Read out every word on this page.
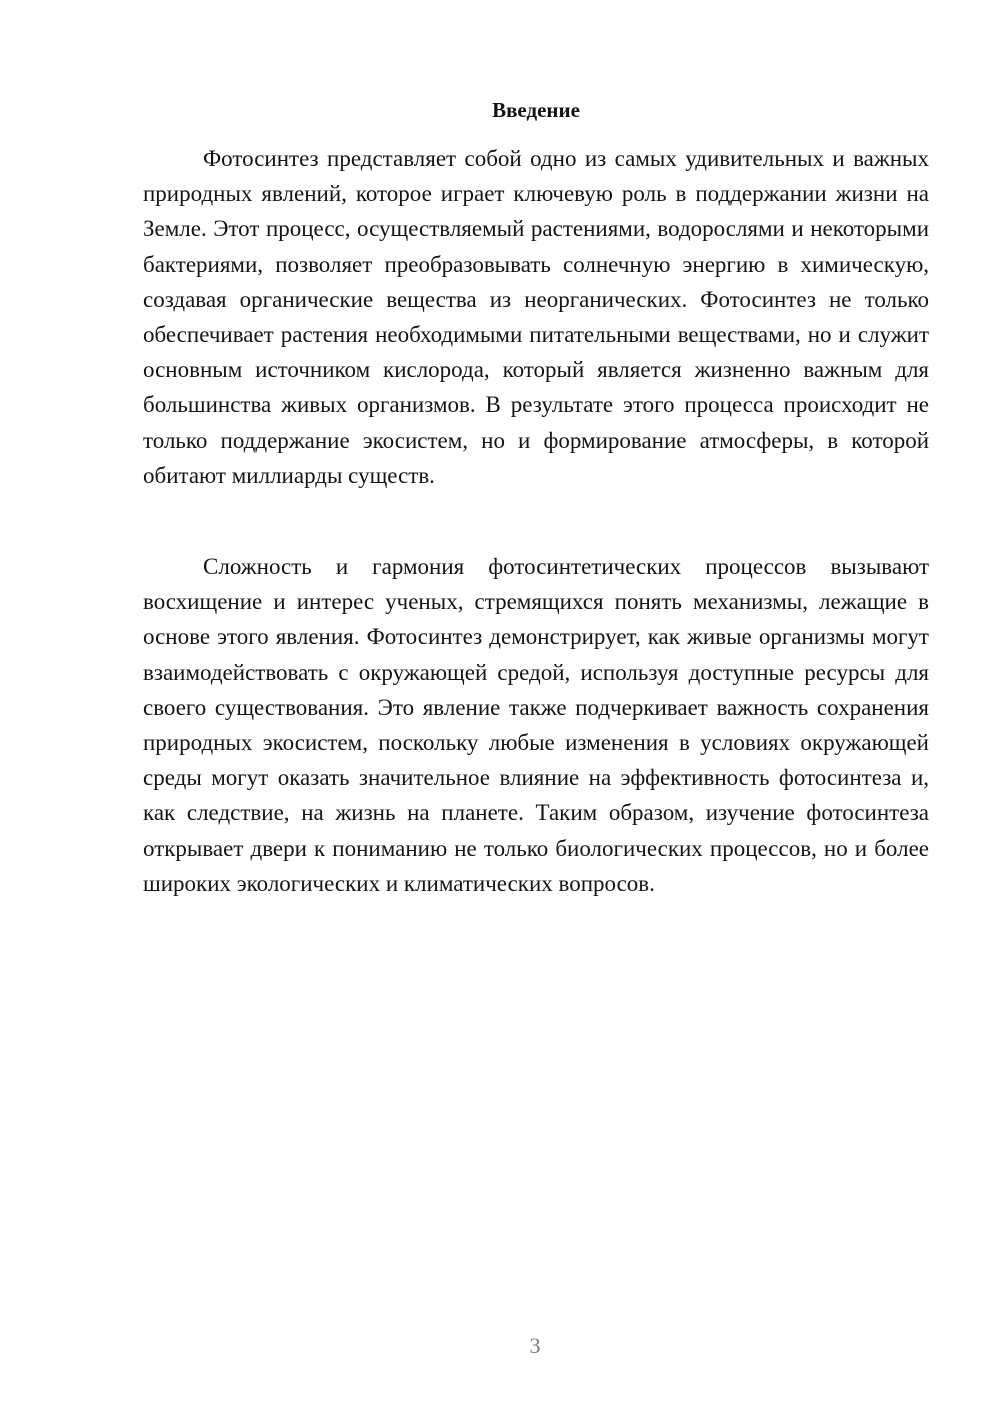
Введение

Фотосинтез представляет собой одно из самых удивительных и важных природных явлений, которое играет ключевую роль в поддержании жизни на Земле. Этот процесс, осуществляемый растениями, водорослями и некоторыми бактериями, позволяет преобразовывать солнечную энергию в химическую, создавая органические вещества из неорганических. Фотосинтез не только обеспечивает растения необходимыми питательными веществами, но и служит основным источником кислорода, который является жизненно важным для большинства живых организмов. В результате этого процесса происходит не только поддержание экосистем, но и формирование атмосферы, в которой обитают миллиарды существ.

Сложность и гармония фотосинтетических процессов вызывают восхищение и интерес ученых, стремящихся понять механизмы, лежащие в основе этого явления. Фотосинтез демонстрирует, как живые организмы могут взаимодействовать с окружающей средой, используя доступные ресурсы для своего существования. Это явление также подчеркивает важность сохранения природных экосистем, поскольку любые изменения в условиях окружающей среды могут оказать значительное влияние на эффективность фотосинтеза и, как следствие, на жизнь на планете. Таким образом, изучение фотосинтеза открывает двери к пониманию не только биологических процессов, но и более широких экологических и климатических вопросов.

3
